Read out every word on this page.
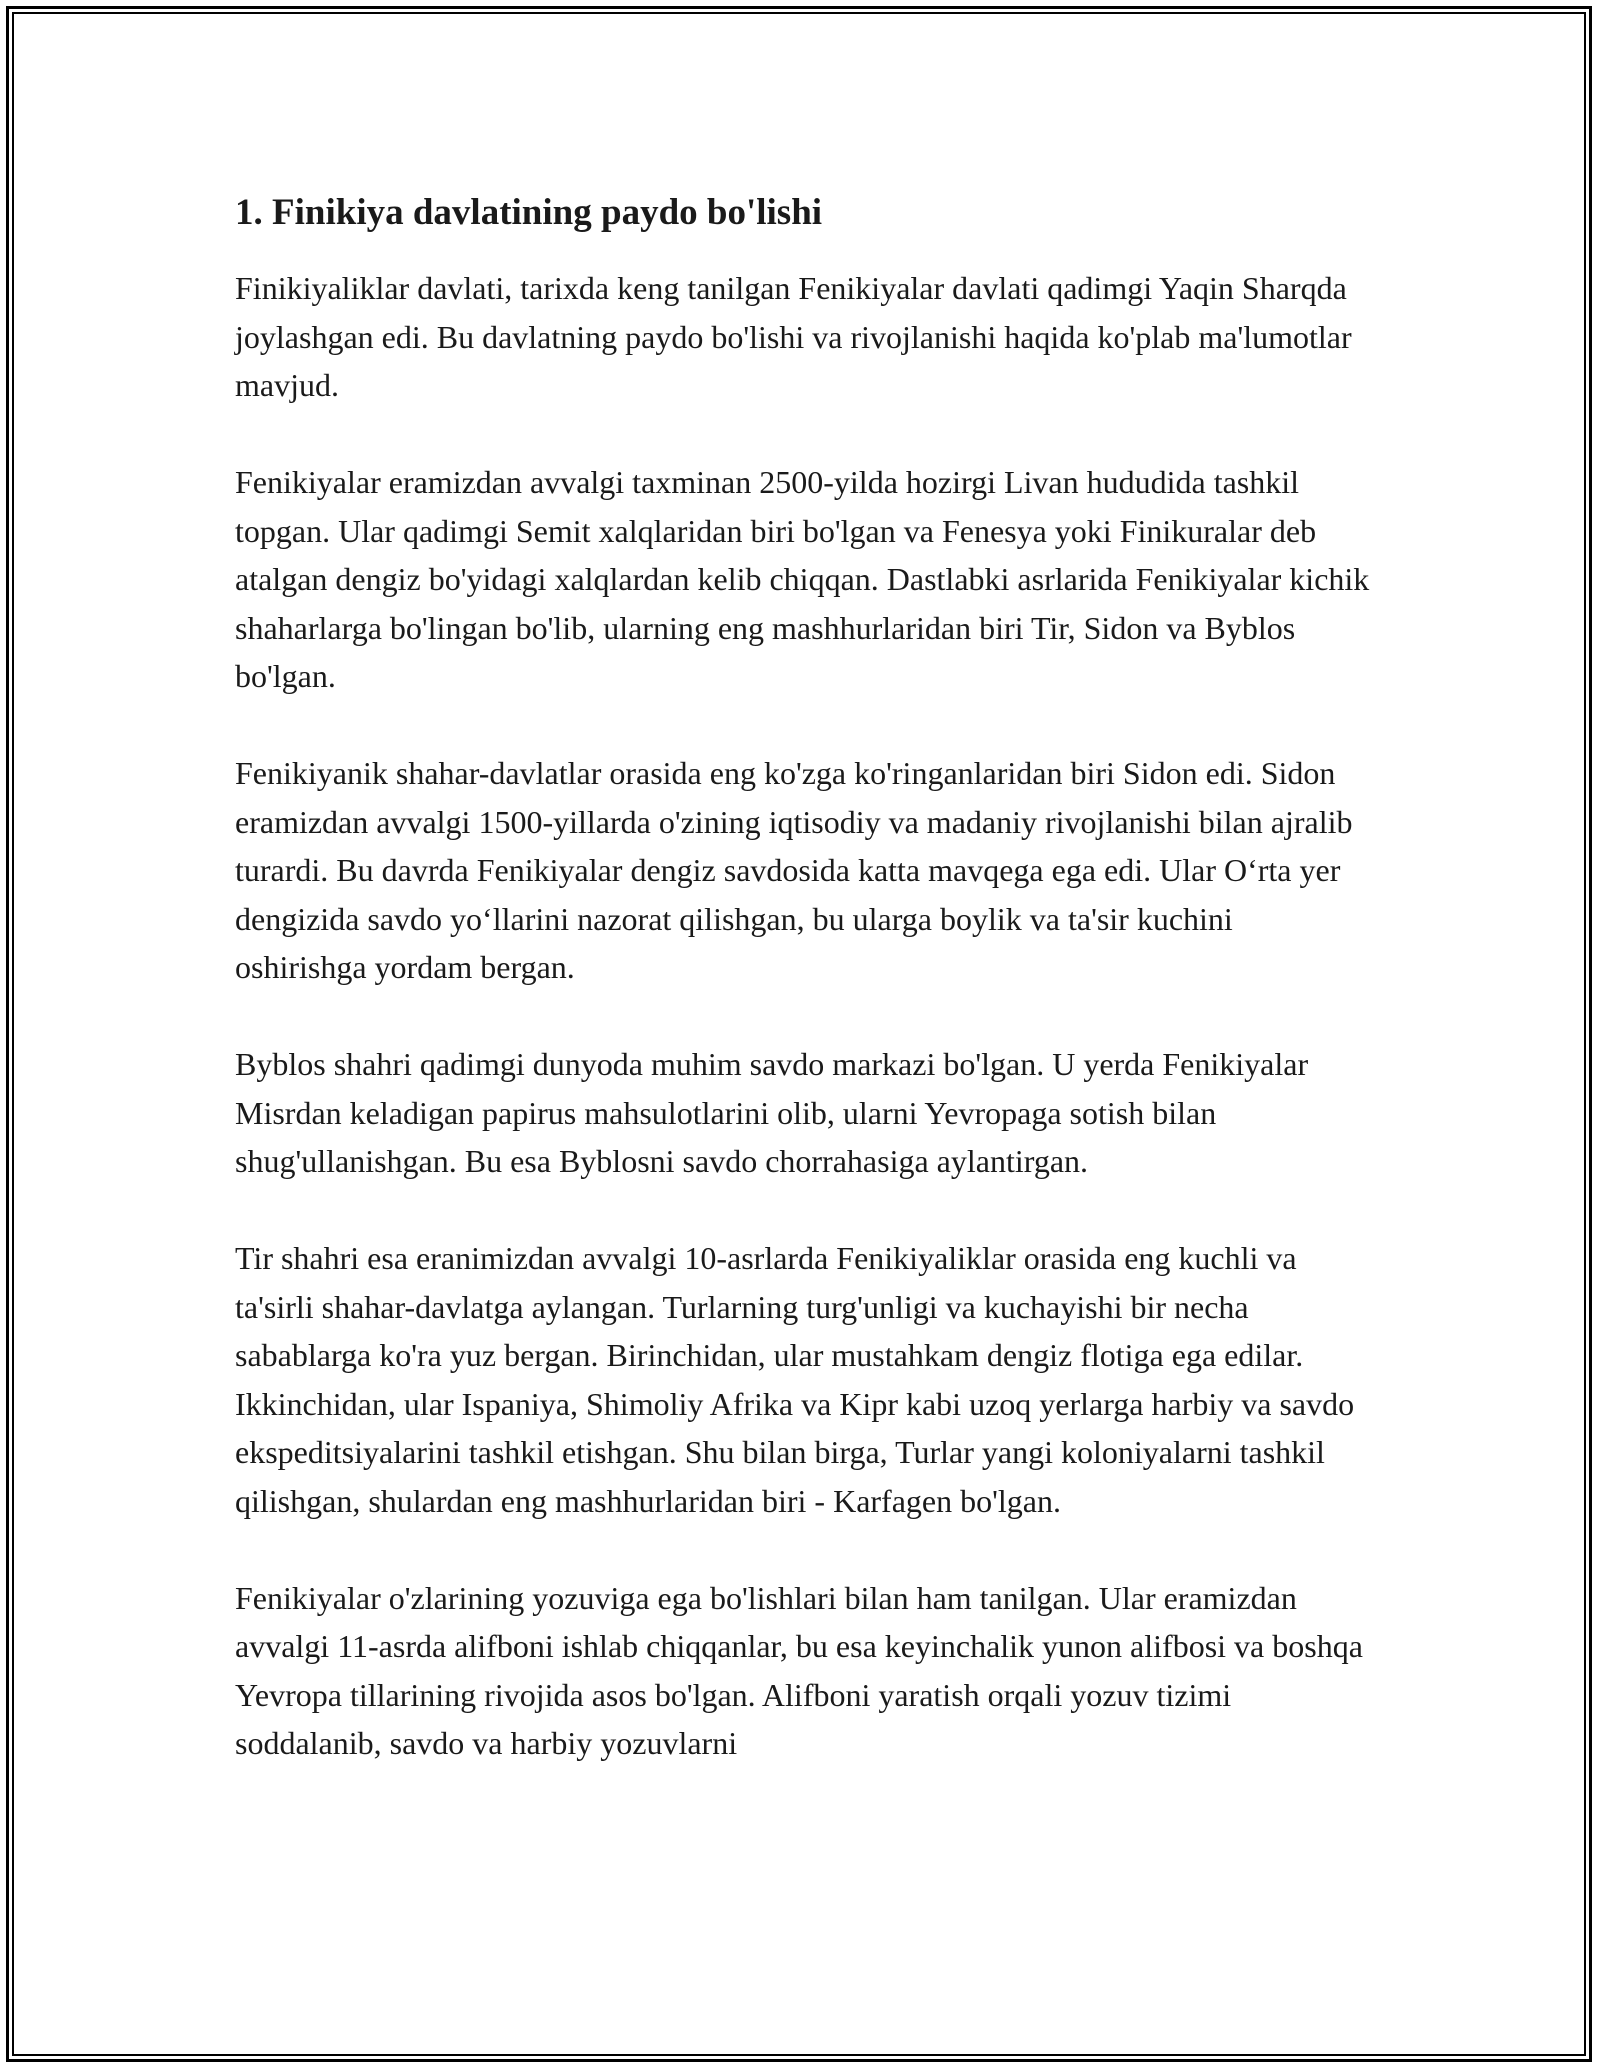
1. Finikiya davlatining paydo bo'lishi

Finikiyaliklar davlati, tarixda keng tanilgan Fenikiyalar davlati qadimgi Yaqin Sharqda joylashgan edi. Bu davlatning paydo bo'lishi va rivojlanishi haqida ko'plab ma'lumotlar mavjud.

Fenikiyalar eramizdan avvalgi taxminan 2500-yilda hozirgi Livan hududida tashkil topgan. Ular qadimgi Semit xalqlaridan biri bo'lgan va Fenesya yoki Finikuralar deb atalgan dengiz bo'yidagi xalqlardan kelib chiqqan. Dastlabki asrlarida Fenikiyalar kichik shaharlarga bo'lingan bo'lib, ularning eng mashhurlaridan biri Tir, Sidon va Byblos bo'lgan.

Fenikiyanik shahar-davlatlar orasida eng ko'zga ko'ringanlaridan biri Sidon edi. Sidon eramizdan avvalgi 1500-yillarda o'zining iqtisodiy va madaniy rivojlanishi bilan ajralib turardi. Bu davrda Fenikiyalar dengiz savdosida katta mavqega ega edi. Ular O‘rta yer dengizida savdo yo‘llarini nazorat qilishgan, bu ularga boylik va ta'sir kuchini oshirishga yordam bergan.

Byblos shahri qadimgi dunyoda muhim savdo markazi bo'lgan. U yerda Fenikiyalar Misrdan keladigan papirus mahsulotlarini olib, ularni Yevropaga sotish bilan shug'ullanishgan. Bu esa Byblosni savdo chorrahasiga aylantirgan.

Tir shahri esa eranimizdan avvalgi 10-asrlarda Fenikiyaliklar orasida eng kuchli va ta'sirli shahar-davlatga aylangan. Turlarning turg'unligi va kuchayishi bir necha sabablarga ko'ra yuz bergan. Birinchidan, ular mustahkam dengiz flotiga ega edilar. Ikkinchidan, ular Ispaniya, Shimoliy Afrika va Kipr kabi uzoq yerlarga harbiy va savdo ekspeditsiyalarini tashkil etishgan. Shu bilan birga, Turlar yangi koloniyalarni tashkil qilishgan, shulardan eng mashhurlaridan biri - Karfagen bo'lgan.

Fenikiyalar o'zlarining yozuviga ega bo'lishlari bilan ham tanilgan. Ular eramizdan avvalgi 11-asrda alifboni ishlab chiqqanlar, bu esa keyinchalik yunon alifbosi va boshqa Yevropa tillarining rivojida asos bo'lgan. Alifboni yaratish orqali yozuv tizimi soddalanib, savdo va harbiy yozuvlarni
